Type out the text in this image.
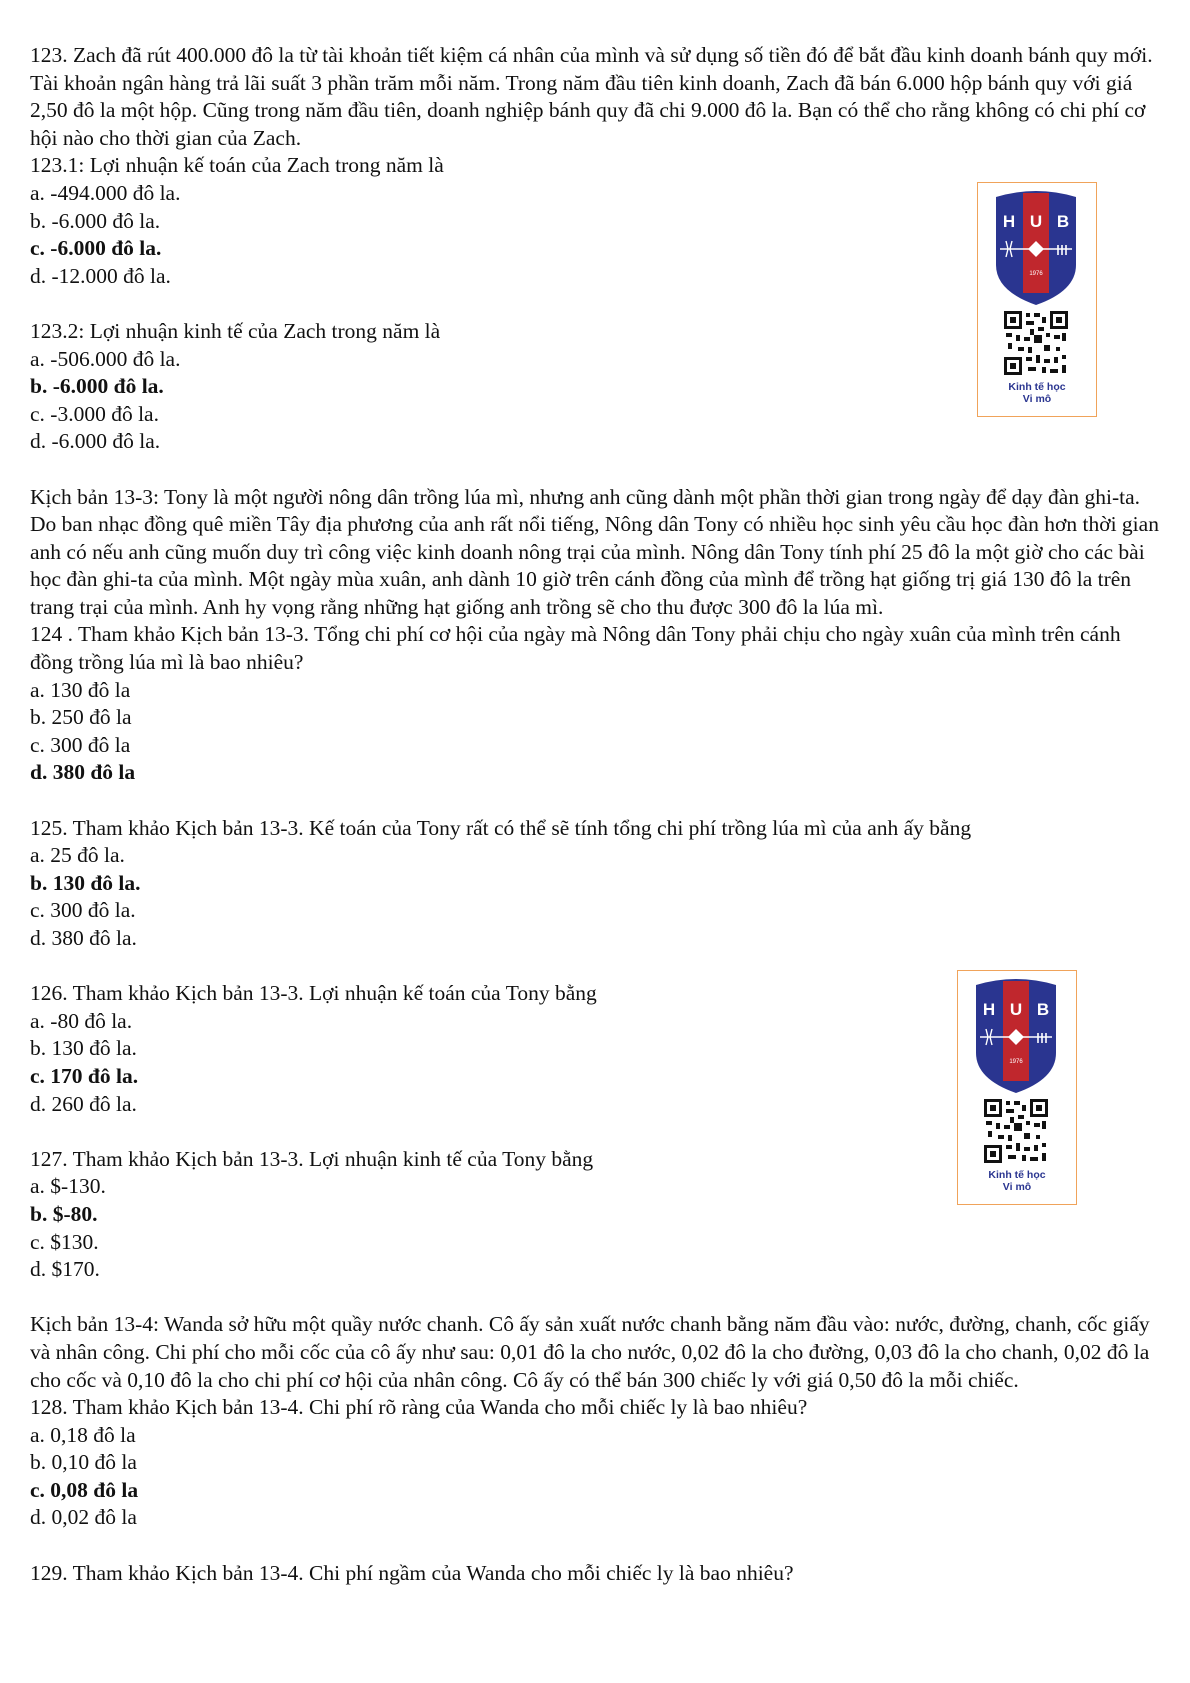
123. Zach đã rút 400.000 đô la từ tài khoản tiết kiệm cá nhân của mình và sử dụng số tiền đó để bắt đầu kinh doanh bánh quy mới. Tài khoản ngân hàng trả lãi suất 3 phần trăm mỗi năm. Trong năm đầu tiên kinh doanh, Zach đã bán 6.000 hộp bánh quy với giá 2,50 đô la một hộp. Cũng trong năm đầu tiên, doanh nghiệp bánh quy đã chi 9.000 đô la. Bạn có thể cho rằng không có chi phí cơ hội nào cho thời gian của Zach.

123.1: Lợi nhuận kế toán của Zach trong năm là

a. -494.000 đô la.
b. -6.000 đô la.
c. -6.000 đô la.
d. -12.000 đô la.

123.2: Lợi nhuận kinh tế của Zach trong năm là

a. -506.000 đô la.
b. -6.000 đô la.
c. -3.000 đô la.
d. -6.000 đô la.

Kịch bản 13-3: Tony là một người nông dân trồng lúa mì, nhưng anh cũng dành một phần thời gian trong ngày để dạy đàn ghi-ta. Do ban nhạc đồng quê miền Tây địa phương của anh rất nổi tiếng, Nông dân Tony có nhiều học sinh yêu cầu học đàn hơn thời gian anh có nếu anh cũng muốn duy trì công việc kinh doanh nông trại của mình. Nông dân Tony tính phí 25 đô la một giờ cho các bài học đàn ghi-ta của mình. Một ngày mùa xuân, anh dành 10 giờ trên cánh đồng của mình để trồng hạt giống trị giá 130 đô la trên trang trại của mình. Anh hy vọng rằng những hạt giống anh trồng sẽ cho thu được 300 đô la lúa mì.

124 . Tham khảo Kịch bản 13-3. Tổng chi phí cơ hội của ngày mà Nông dân Tony phải chịu cho ngày xuân của mình trên cánh đồng trồng lúa mì là bao nhiêu?

a. 130 đô la
b. 250 đô la
c. 300 đô la
d. 380 đô la

125. Tham khảo Kịch bản 13-3. Kế toán của Tony rất có thể sẽ tính tổng chi phí trồng lúa mì của anh ấy bằng

a. 25 đô la.
b. 130 đô la.
c. 300 đô la.
d. 380 đô la.

126. Tham khảo Kịch bản 13-3. Lợi nhuận kế toán của Tony bằng

a. -80 đô la.
b. 130 đô la.
c. 170 đô la.
d. 260 đô la.

127. Tham khảo Kịch bản 13-3. Lợi nhuận kinh tế của Tony bằng

a. $-130.
b. $-80.
c. $130.
d. $170.

Kịch bản 13-4: Wanda sở hữu một quầy nước chanh. Cô ấy sản xuất nước chanh bằng năm đầu vào: nước, đường, chanh, cốc giấy và nhân công. Chi phí cho mỗi cốc của cô ấy như sau: 0,01 đô la cho nước, 0,02 đô la cho đường, 0,03 đô la cho chanh, 0,02 đô la cho cốc và 0,10 đô la cho chi phí cơ hội của nhân công. Cô ấy có thể bán 300 chiếc ly với giá 0,50 đô la mỗi chiếc.

128. Tham khảo Kịch bản 13-4. Chi phí rõ ràng của Wanda cho mỗi chiếc ly là bao nhiêu?

a. 0,18 đô la
b. 0,10 đô la
c. 0,08 đô la
d. 0,02 đô la

129. Tham khảo Kịch bản 13-4. Chi phí ngầm của Wanda cho mỗi chiếc ly là bao nhiêu?

H U B
1976
Kinh tế học
Vi mô
H U B
1976
Kinh tế học
Vi mô
